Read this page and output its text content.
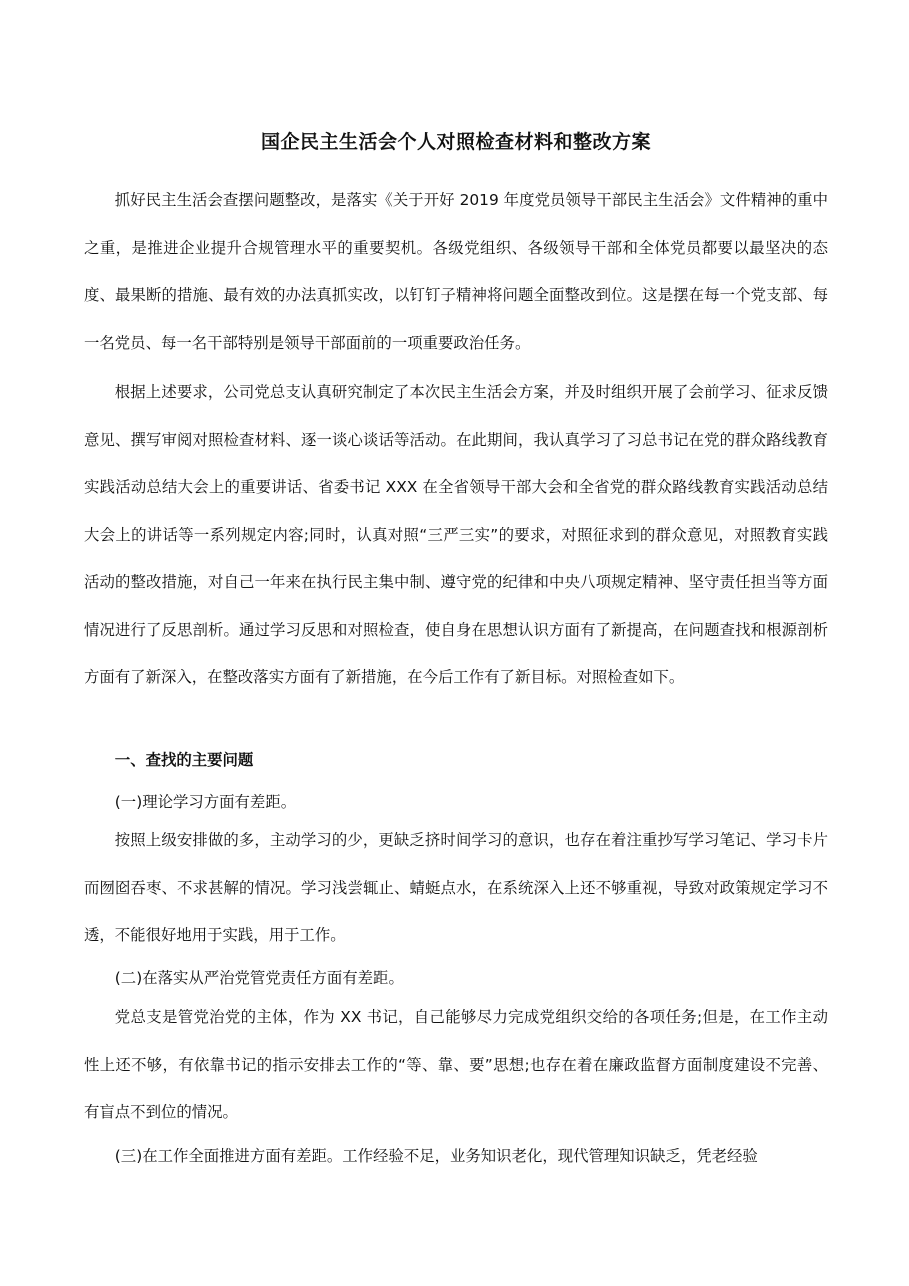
国企民主生活会个人对照检查材料和整改方案

抓好民主生活会查摆问题整改，是落实《关于开好 2019 年度党员领导干部民主生活会》文件精神的重中之重，是推进企业提升合规管理水平的重要契机。各级党组织、各级领导干部和全体党员都要以最坚决的态度、最果断的措施、最有效的办法真抓实改，以钉钉子精神将问题全面整改到位。这是摆在每一个党支部、每一名党员、每一名干部特别是领导干部面前的一项重要政治任务。

根据上述要求，公司党总支认真研究制定了本次民主生活会方案，并及时组织开展了会前学习、征求反馈意见、撰写审阅对照检查材料、逐一谈心谈话等活动。在此期间，我认真学习了习总书记在党的群众路线教育实践活动总结大会上的重要讲话、省委书记 XXX 在全省领导干部大会和全省党的群众路线教育实践活动总结大会上的讲话等一系列规定内容;同时，认真对照“三严三实”的要求，对照征求到的群众意见，对照教育实践活动的整改措施，对自己一年来在执行民主集中制、遵守党的纪律和中央八项规定精神、坚守责任担当等方面情况进行了反思剖析。通过学习反思和对照检查，使自身在思想认识方面有了新提高，在问题查找和根源剖析方面有了新深入，在整改落实方面有了新措施，在今后工作有了新目标。对照检查如下。

一、查找的主要问题

(一)理论学习方面有差距。

按照上级安排做的多，主动学习的少，更缺乏挤时间学习的意识，也存在着注重抄写学习笔记、学习卡片而囫囵吞枣、不求甚解的情况。学习浅尝辄止、蜻蜓点水，在系统深入上还不够重视，导致对政策规定学习不透，不能很好地用于实践，用于工作。

(二)在落实从严治党管党责任方面有差距。

党总支是管党治党的主体，作为 XX 书记，自己能够尽力完成党组织交给的各项任务;但是，在工作主动性上还不够，有依靠书记的指示安排去工作的“等、靠、要”思想;也存在着在廉政监督方面制度建设不完善、有盲点不到位的情况。

(三)在工作全面推进方面有差距。工作经验不足，业务知识老化，现代管理知识缺乏，凭老经验
